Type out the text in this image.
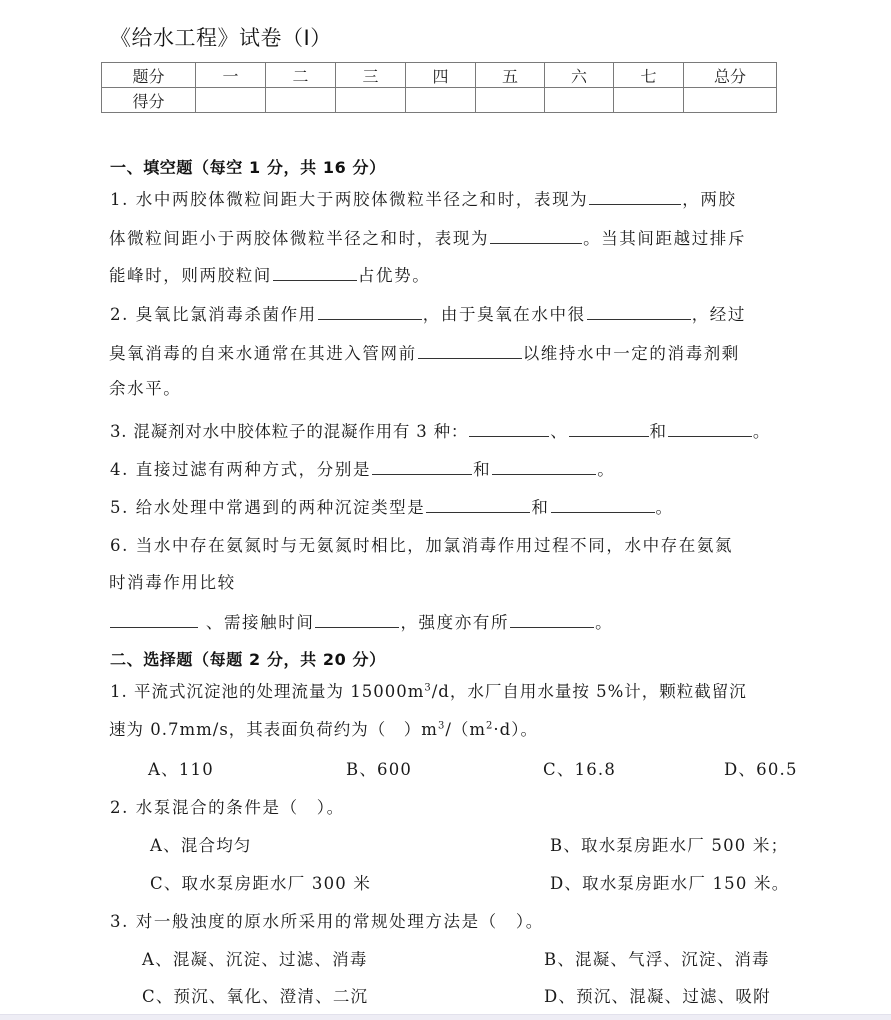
《给水工程》试卷（I）
题分	一	二	三	四	五	六	七	总分
得分								
一、填空题（每空 1 分，共 16 分）
1. 水中两胶体微粒间距大于两胶体微粒半径之和时，表现为	，两胶
体微粒间距小于两胶体微粒半径之和时，表现为	。当其间距越过排斥
能峰时，则两胶粒间	占优势。
2. 臭氧比氯消毒杀菌作用	，由于臭氧在水中很	，经过
臭氧消毒的自来水通常在其进入管网前	以维持水中一定的消毒剂剩
余水平。
3. 混凝剂对水中胶体粒子的混凝作用有 3 种：	、	和	。
4. 直接过滤有两种方式，分别是	和	。
5. 给水处理中常遇到的两种沉淀类型是	和	。
6. 当水中存在氨氮时与无氨氮时相比，加氯消毒作用过程不同，水中存在氨氮
时消毒作用比较
、需接触时间	，强度亦有所	。
二、选择题（每题 2 分，共 20 分）
1. 平流式沉淀池的处理流量为 $15000m^3/d$，水厂自用水量按 5%计，颗粒截留沉
速为 0.7mm/s，其表面负荷约为（　）$m^3/(m^2\cdot d)$。
A、110	B、600	C、16.8	D、60.5
2. 水泵混合的条件是（　）。
A、混合均匀	B、取水泵房距水厂 500 米；
C、取水泵房距水厂 300 米	D、取水泵房距水厂 150 米。
3. 对一般浊度的原水所采用的常规处理方法是（　）。
A、混凝、沉淀、过滤、消毒	B、混凝、气浮、沉淀、消毒
C、预沉、氧化、澄清、二沉	D、预沉、混凝、过滤、吸附
